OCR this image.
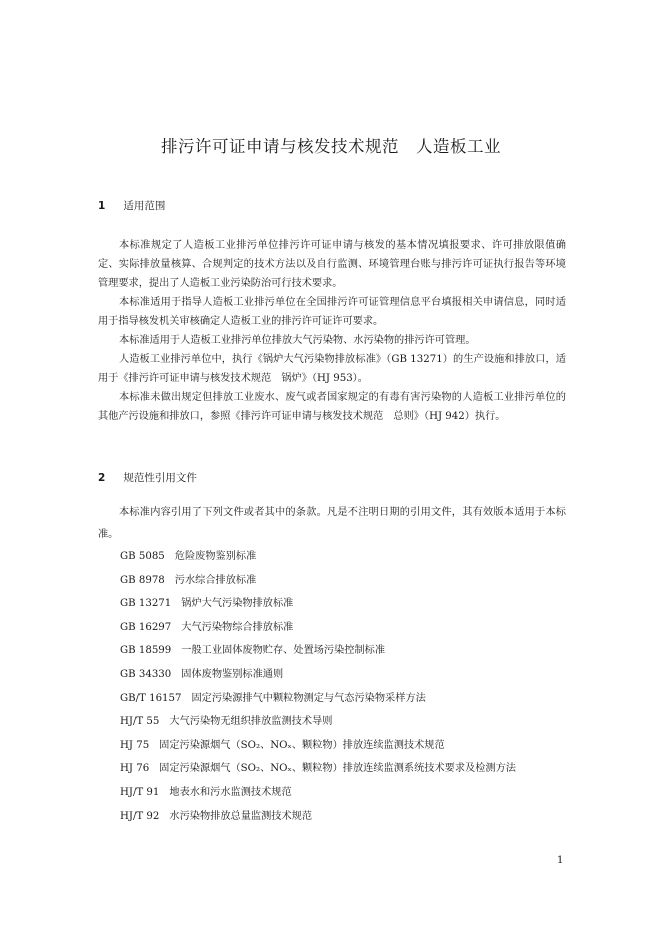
排污许可证申请与核发技术规范　人造板工业
1 适用范围
本标准规定了人造板工业排污单位排污许可证申请与核发的基本情况填报要求、许可排放限值确定、实际排放量核算、合规判定的技术方法以及自行监测、环境管理台账与排污许可证执行报告等环境管理要求，提出了人造板工业污染防治可行技术要求。
本标准适用于指导人造板工业排污单位在全国排污许可证管理信息平台填报相关申请信息，同时适用于指导核发机关审核确定人造板工业的排污许可证许可要求。
本标准适用于人造板工业排污单位排放大气污染物、水污染物的排污许可管理。
人造板工业排污单位中，执行《锅炉大气污染物排放标准》（GB 13271）的生产设施和排放口，适用于《排污许可证申请与核发技术规范　锅炉》（HJ 953）。
本标准未做出规定但排放工业废水、废气或者国家规定的有毒有害污染物的人造板工业排污单位的其他产污设施和排放口，参照《排污许可证申请与核发技术规范　总则》（HJ 942）执行。
2 规范性引用文件
本标准内容引用了下列文件或者其中的条款。凡是不注明日期的引用文件，其有效版本适用于本标准。
GB 5085 危险废物鉴别标准
GB 8978 污水综合排放标准
GB 13271 锅炉大气污染物排放标准
GB 16297 大气污染物综合排放标准
GB 18599 一般工业固体废物贮存、处置场污染控制标准
GB 34330 固体废物鉴别标准通则
GB/T 16157 固定污染源排气中颗粒物测定与气态污染物采样方法
HJ/T 55 大气污染物无组织排放监测技术导则
HJ 75 固定污染源烟气（SO₂、NOₓ、颗粒物）排放连续监测技术规范
HJ 76 固定污染源烟气（SO₂、NOₓ、颗粒物）排放连续监测系统技术要求及检测方法
HJ/T 91 地表水和污水监测技术规范
HJ/T 92 水污染物排放总量监测技术规范
1
